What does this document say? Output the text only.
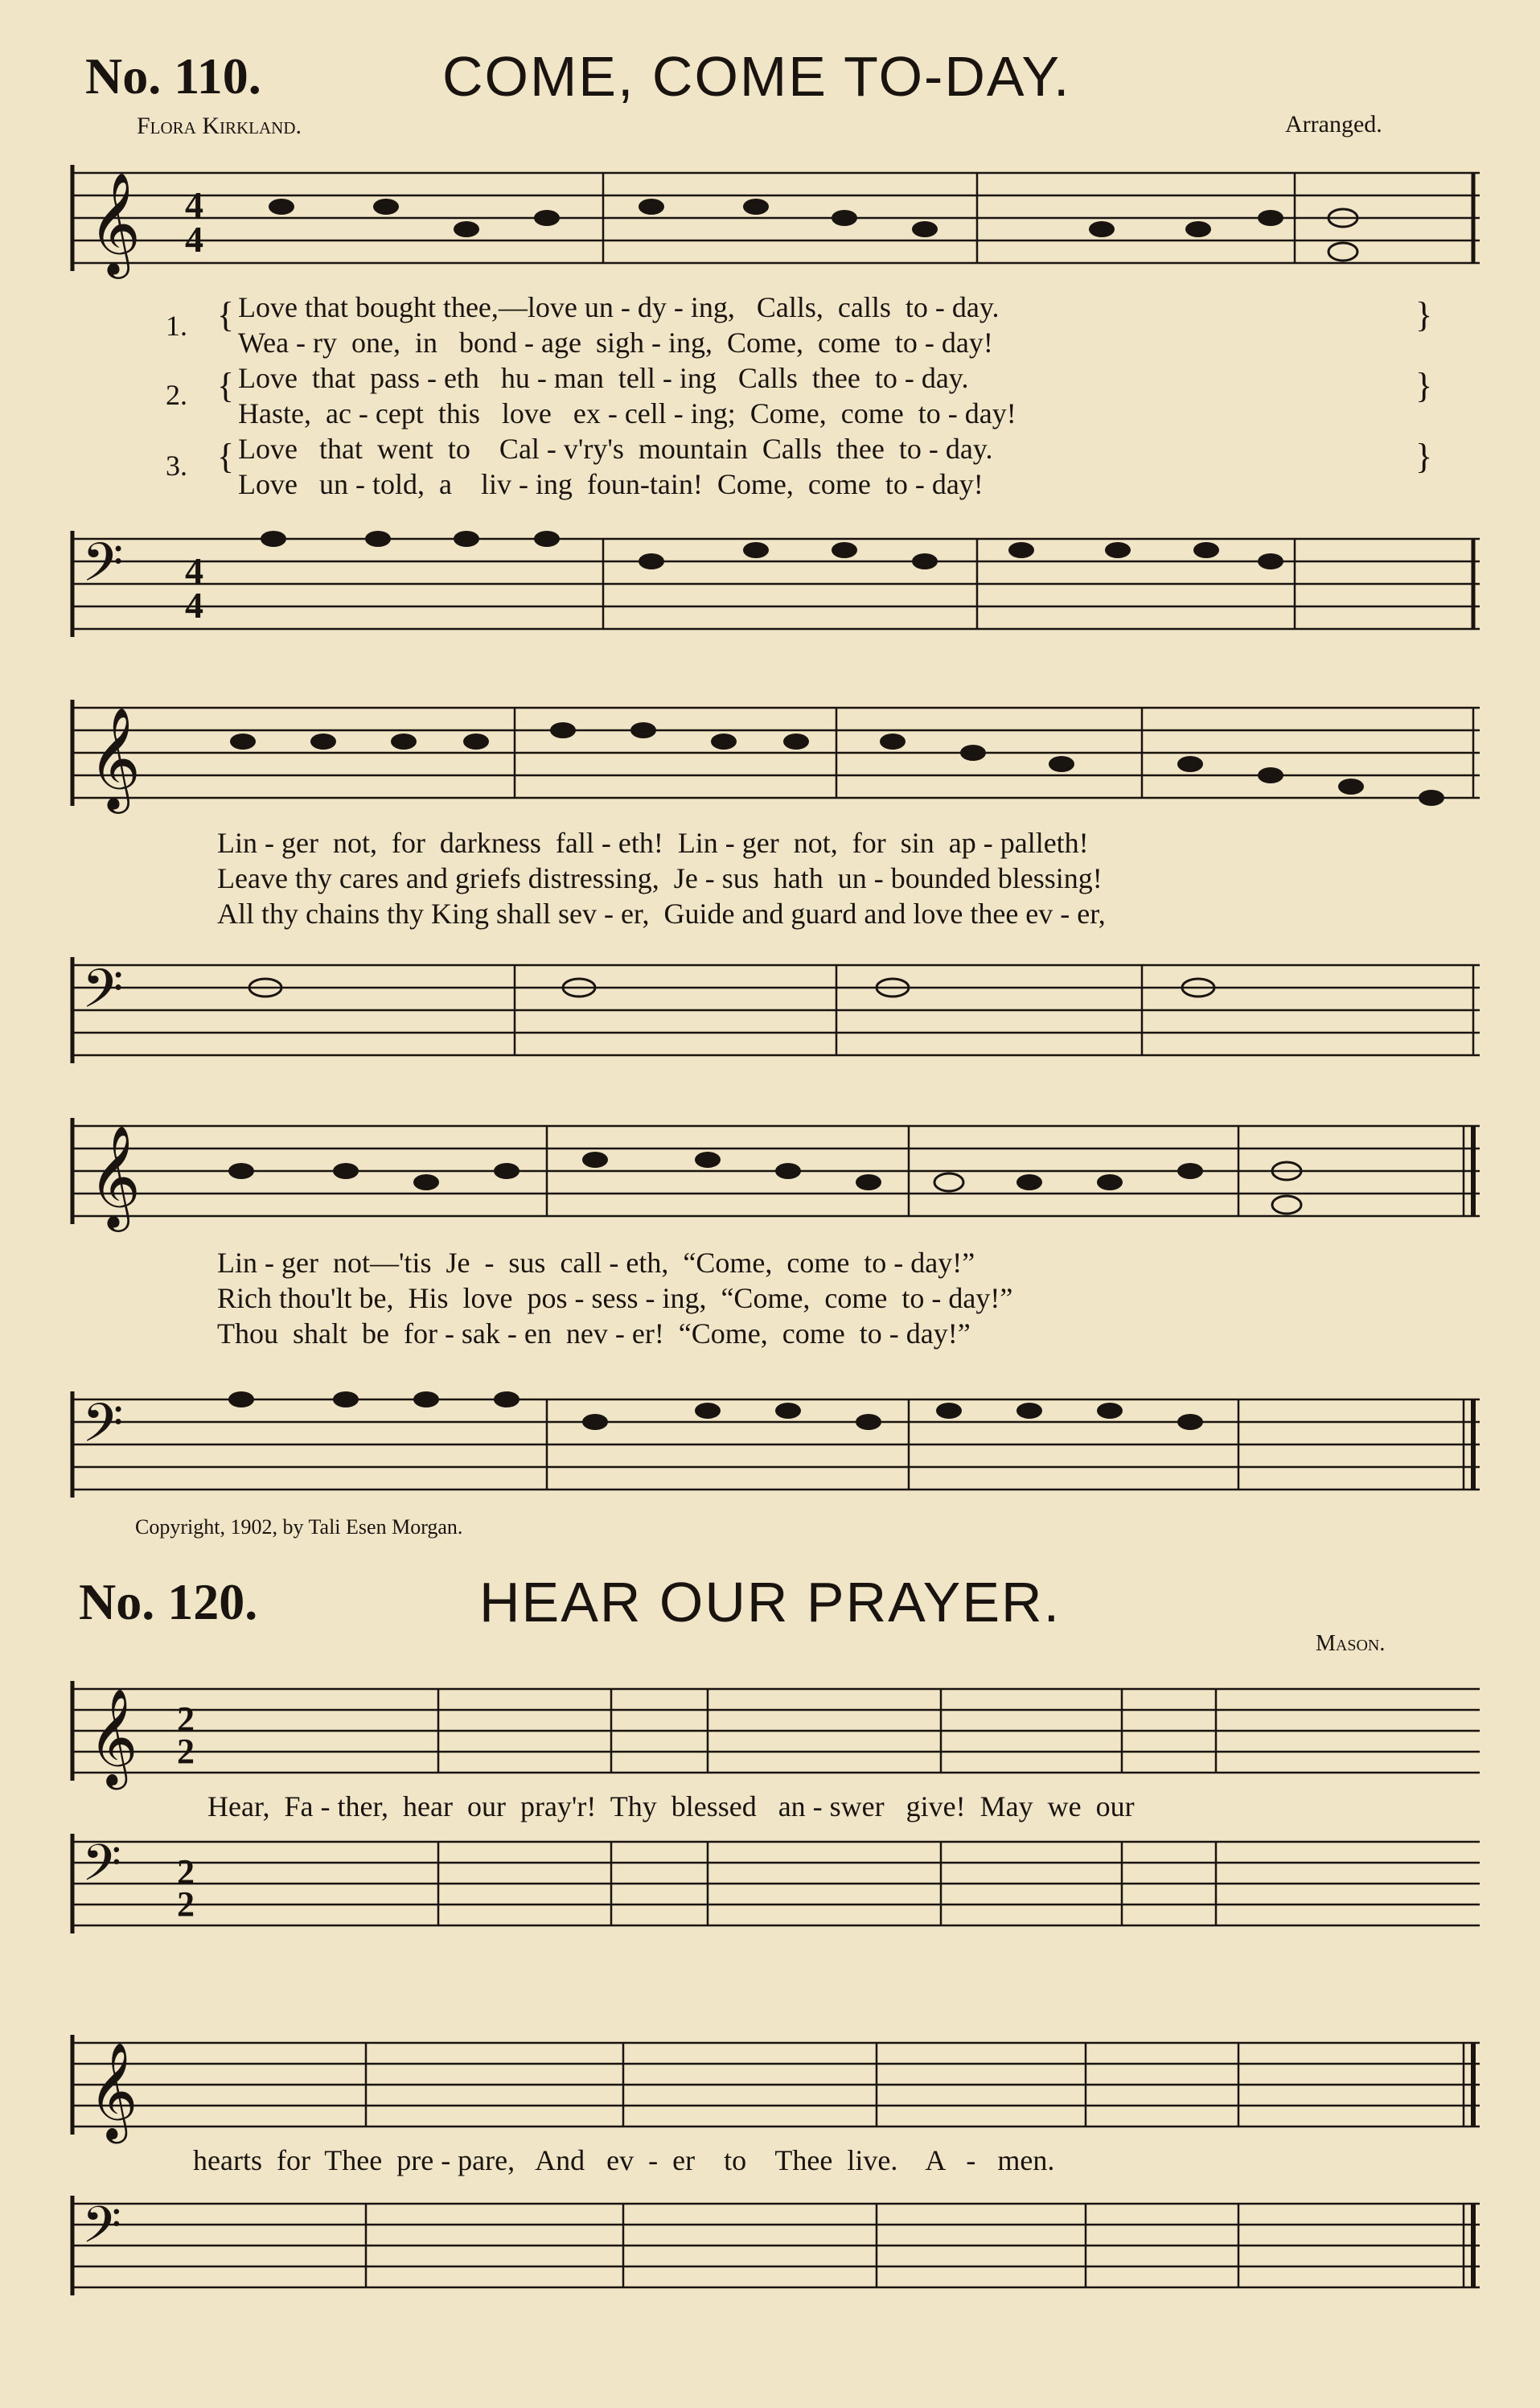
No. 110.	COME, COME TO-DAY.
Flora Kirkland.	Arranged.
𝄞 4
4
1.
2.
3.
{
{
{
}
}
}
Love that bought thee,—love un - dy - ing,   Calls,  calls  to - day.
Wea - ry  one,  in   bond - age  sigh - ing,  Come,  come  to - day!
Love  that  pass - eth   hu - man  tell - ing   Calls  thee  to - day.
Haste,  ac - cept  this   love   ex - cell - ing;  Come,  come  to - day!
Love   that  went  to    Cal - v'ry's  mountain  Calls  thee  to - day.
Love   un - told,  a    liv - ing  foun-tain!  Come,  come  to - day!
𝄢 4
4
𝄞
Lin - ger  not,  for  darkness  fall - eth!  Lin - ger  not,  for  sin  ap - palleth!
Leave thy cares and griefs distressing,  Je - sus  hath  un - bounded blessing!
All thy chains thy King shall sev - er,  Guide and guard and love thee ev - er,
𝄢
𝄞
Lin - ger  not—'tis  Je  -  sus  call - eth,  “Come,  come  to - day!”
Rich thou'lt be,  His  love  pos - sess - ing,  “Come,  come  to - day!”
Thou  shalt  be  for - sak - en  nev - er!  “Come,  come  to - day!”
𝄢
Copyright, 1902, by Tali Esen Morgan.
No. 120.	HEAR OUR PRAYER.
Mason.
𝄞 2
2
Hear,  Fa - ther,  hear  our  pray'r!  Thy  blessed   an - swer   give!  May  we  our
𝄢 2
2
𝄞
hearts  for  Thee  pre - pare,   And   ev  -  er    to    Thee  live.    A   -   men.
𝄢
